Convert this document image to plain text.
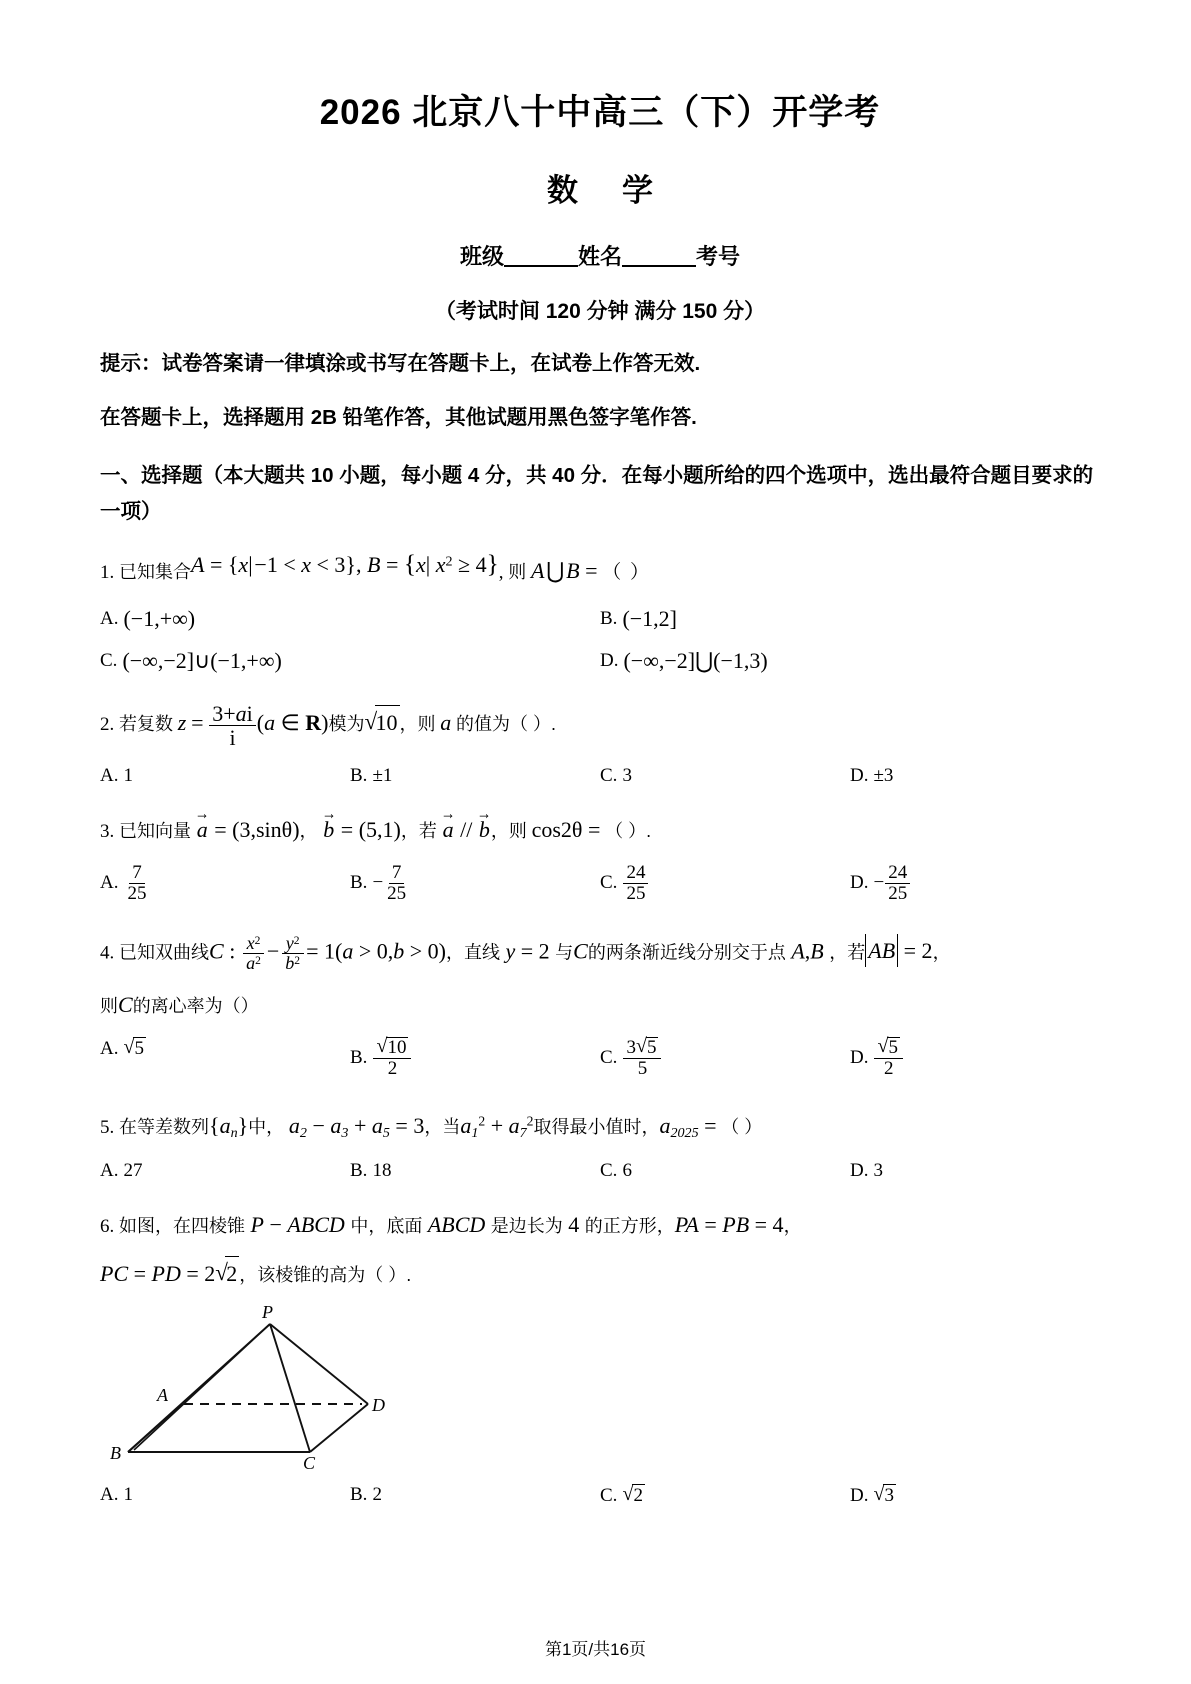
2026 北京八十中高三（下）开学考
数 学
班级	姓名	考号
（考试时间 120 分钟 满分 150 分）
提示：试卷答案请一律填涂或书写在答题卡上，在试卷上作答无效.
在答题卡上，选择题用 2B 铅笔作答，其他试题用黑色签字笔作答.
一、选择题（本大题共 10 小题，每小题 4 分，共 40 分．在每小题所给的四个选项中，选出最符合题目要求的一项）
1. 已知集合A = {x| −1 < x < 3}, B = {x| $x^2 \ge 4$}, 则 A ⋃ B = （ ）
A. (−1,+∞)	B. (−1,2]
C. (−∞,−2]∪(−1,+∞)	D. (−∞,−2]⋃(−1,3)
2. 若复数 $z = \frac{3+ai}{i} (a$ ∈ R)模为 √ 10 ，则 a 的值为（ ）.
A. 1	B. ±1	C. 3	D. ±3
3. 已知向量 a → = (3,sinθ)， b → = (5,1)，若 a → // b →，则 cos2θ = （ ）.
A. $\frac{7}{25}$	B. − $\frac{7}{25}$	C. $\frac{24}{25}$	D. − $\frac{24}{25}$
4. 已知双曲线C : $\frac{x^2}{a^2} - \frac{y^2}{b^2} = 1(a > 0,b > 0)$，直线 y = 2 与C的两条渐近线分别交于点 A,B ，若 AB = 2，
则C的离心率为（）
A. √ 5	B. √ $\frac{10}{2}$	C. $\frac{3 √ 5}{5}$	D. √ $\frac{5}{2}$
5. 在等差数列$\{a_n\}$中， $a_2 - a_3 + a_5 = 3$，当$a_1^2 + a_7^2$取得最小值时，$a_{2025}$ = （ ）
A. 27	B. 18	C. 6	D. 3
6. 如图，在四棱锥 P − ABCD 中，底面 ABCD 是边长为 4 的正方形，PA = PB = 4，
PC = PD = 2 √ 2 ，该棱锥的高为（ ）.
P
A	D
B	C
A. 1	B. 2	C. √ 2	D. √ 3
第1页/共16页
